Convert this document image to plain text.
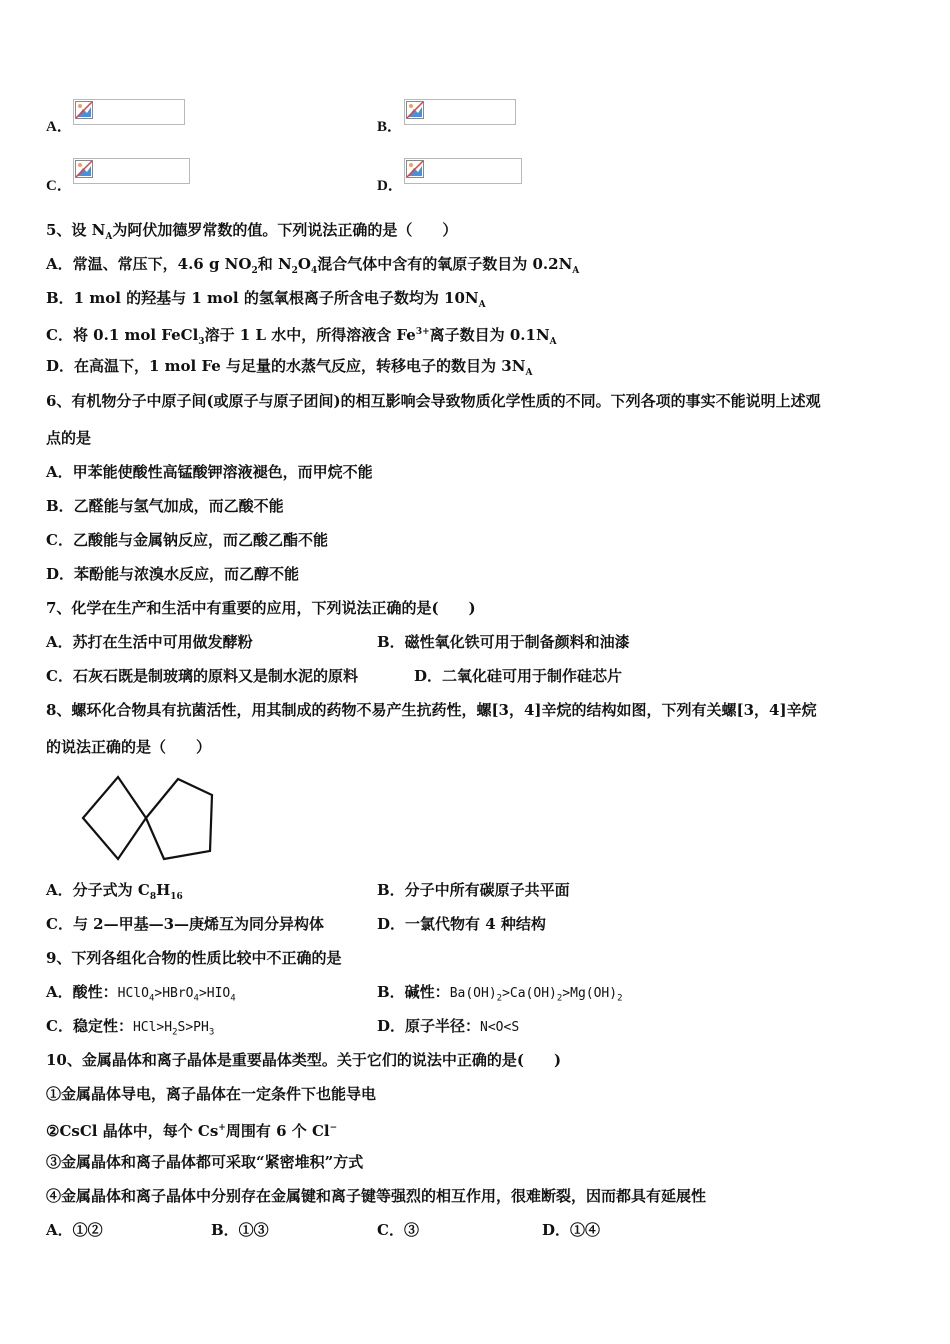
A．	B．
C．	D．
5、设 $N_A$为阿伏加德罗常数的值。下列说法正确的是（　　）
A．常温、常压下，4.6 g $NO_2$和 $N_2O_4$混合气体中含有的氧原子数目为 $0.2N_A$
B．1 mol 的羟基与 1 mol 的氢氧根离子所含电子数均为 $10N_A$
C．将 0.1 mol FeCl$_3$溶于 1 L 水中，所得溶液含 $Fe^{3+}$离子数目为 $0.1N_A$
D．在高温下，1 mol Fe 与足量的水蒸气反应，转移电子的数目为 $3N_A$
6、有机物分子中原子间(或原子与原子团间)的相互影响会导致物质化学性质的不同。下列各项的事实不能说明上述观
点的是
A．甲苯能使酸性高锰酸钾溶液褪色，而甲烷不能
B．乙醛能与氢气加成，而乙酸不能
C．乙酸能与金属钠反应，而乙酸乙酯不能
D．苯酚能与浓溴水反应，而乙醇不能
7、化学在生产和生活中有重要的应用，下列说法正确的是(　　)
A．苏打在生活中可用做发酵粉	B．磁性氧化铁可用于制备颜料和油漆
C．石灰石既是制玻璃的原料又是制水泥的原料	D．二氧化硅可用于制作硅芯片
8、螺环化合物具有抗菌活性，用其制成的药物不易产生抗药性，螺[3，4]辛烷的结构如图，下列有关螺[3，4]辛烷
的说法正确的是（　　）
A．分子式为 $C_8H_{16}$	B．分子中所有碳原子共平面
C．与 2—甲基—3—庚烯互为同分异构体	D．一氯代物有 4 种结构
9、下列各组化合物的性质比较中不正确的是
A．酸性：$HClO_4>HBrO_4>HIO_4$	B．碱性：$Ba(OH)_2>Ca(OH)_2>Mg(OH)_2$
C．稳定性：$HCl>H_2S>PH_3$	D．原子半径：N<O<S
10、金属晶体和离子晶体是重要晶体类型。关于它们的说法中正确的是(　　)
①金属晶体导电，离子晶体在一定条件下也能导电
②CsCl 晶体中，每个 Cs+周围有 6 个 Cl−
③金属晶体和离子晶体都可采取“紧密堆积”方式
④金属晶体和离子晶体中分别存在金属键和离子键等强烈的相互作用，很难断裂，因而都具有延展性
A．①②	B．①③	C．③	D．①④
